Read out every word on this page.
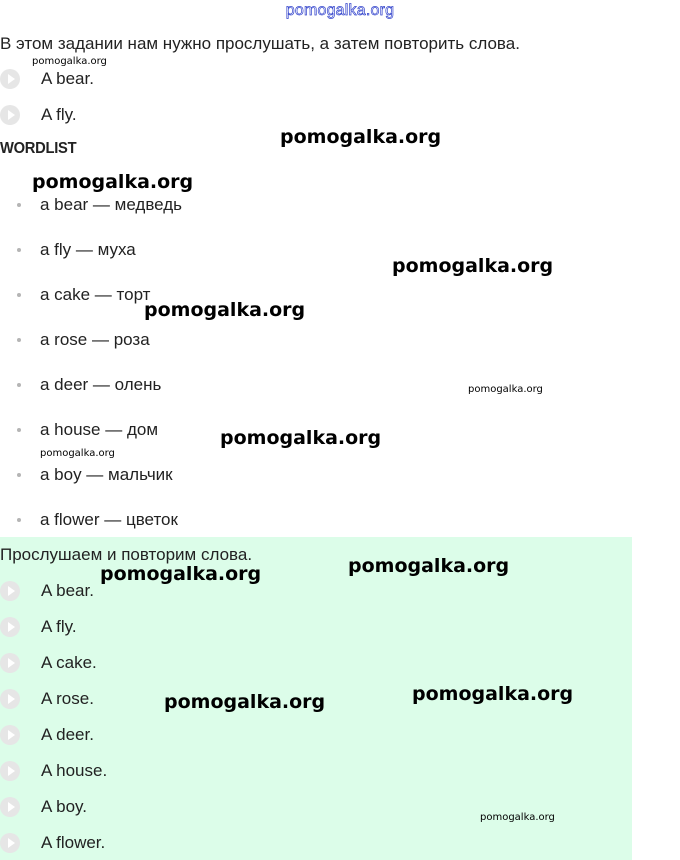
pomogalka.org

В этом задании нам нужно прослушать, а затем повторить слова.

A bear.
A fly.
WORDLIST
a bear — медведь
a fly — муха
a cake — торт
a rose — роза
a deer — олень
a house — дом
a boy — мальчик
a flower — цветок

Прослушаем и повторим слова.

A bear.
A fly.
A cake.
A rose.
A deer.
A house.
A boy.
A flower.
pomogalka.org
pomogalka.org
pomogalka.org
pomogalka.org
pomogalka.org
pomogalka.org
pomogalka.org
pomogalka.org
pomogalka.org
pomogalka.org
pomogalka.org
pomogalka.org
pomogalka.org
